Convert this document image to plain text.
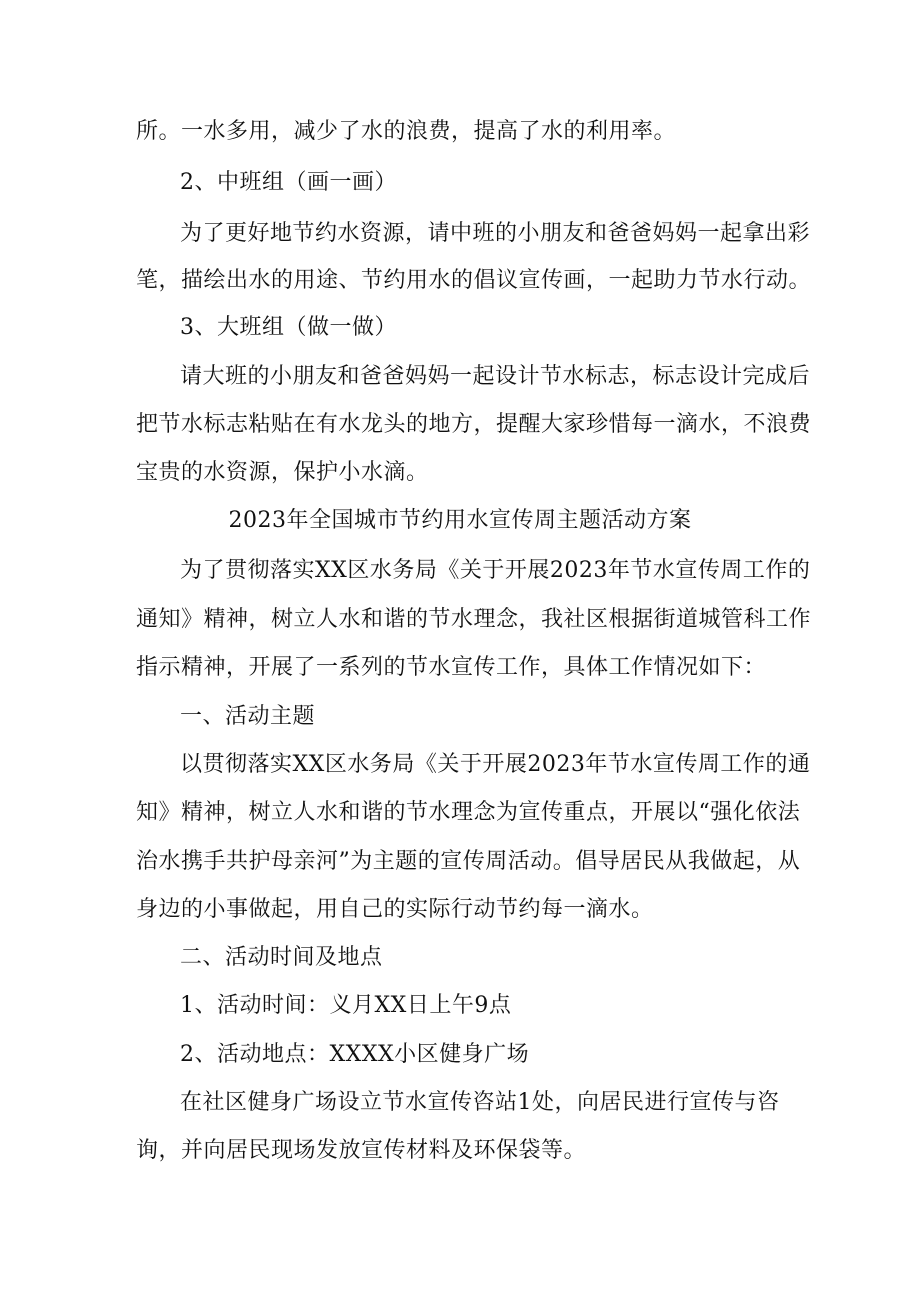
所。一水多用，减少了水的浪费，提高了水的利用率。
2、中班组（画一画）
为了更好地节约水资源，请中班的小朋友和爸爸妈妈一起拿出彩
笔，描绘出水的用途、节约用水的倡议宣传画，一起助力节水行动。
3、大班组（做一做）
请大班的小朋友和爸爸妈妈一起设计节水标志，标志设计完成后
把节水标志粘贴在有水龙头的地方，提醒大家珍惜每一滴水，不浪费
宝贵的水资源，保护小水滴。
2023年全国城市节约用水宣传周主题活动方案
为了贯彻落实XX区水务局《关于开展2023年节水宣传周工作的
通知》精神，树立人水和谐的节水理念，我社区根据街道城管科工作
指示精神，开展了一系列的节水宣传工作，具体工作情况如下：
一、活动主题
以贯彻落实XX区水务局《关于开展2023年节水宣传周工作的通
知》精神，树立人水和谐的节水理念为宣传重点，开展以“强化依法
治水携手共护母亲河”为主题的宣传周活动。倡导居民从我做起，从
身边的小事做起，用自己的实际行动节约每一滴水。
二、活动时间及地点
1、活动时间：义月XX日上午9点
2、活动地点：XXXX小区健身广场
在社区健身广场设立节水宣传咨站1处，向居民进行宣传与咨
询，并向居民现场发放宣传材料及环保袋等。
